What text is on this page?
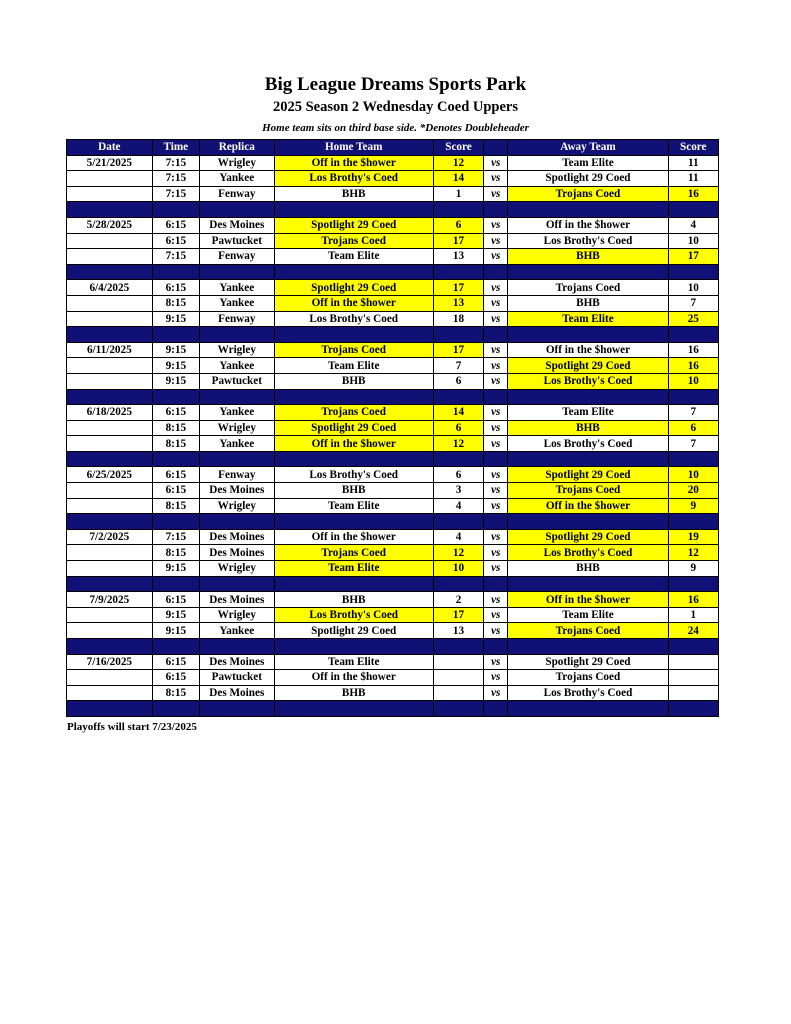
Big League Dreams Sports Park
2025 Season 2 Wednesday Coed Uppers
Home team sits on third base side. *Denotes Doubleheader
Date	Time	Replica	Home Team	Score		Away Team	Score
5/21/2025	7:15	Wrigley	Off in the $hower	12	vs	Team Elite	11
	7:15	Yankee	Los Brothy's Coed	14	vs	Spotlight 29 Coed	11
	7:15	Fenway	BHB	1	vs	Trojans Coed	16

5/28/2025	6:15	Des Moines	Spotlight 29 Coed	6	vs	Off in the $hower	4
	6:15	Pawtucket	Trojans Coed	17	vs	Los Brothy's Coed	10
	7:15	Fenway	Team Elite	13	vs	BHB	17

6/4/2025	6:15	Yankee	Spotlight 29 Coed	17	vs	Trojans Coed	10
	8:15	Yankee	Off in the $hower	13	vs	BHB	7
	9:15	Fenway	Los Brothy's Coed	18	vs	Team Elite	25

6/11/2025	9:15	Wrigley	Trojans Coed	17	vs	Off in the $hower	16
	9:15	Yankee	Team Elite	7	vs	Spotlight 29 Coed	16
	9:15	Pawtucket	BHB	6	vs	Los Brothy's Coed	10

6/18/2025	6:15	Yankee	Trojans Coed	14	vs	Team Elite	7
	8:15	Wrigley	Spotlight 29 Coed	6	vs	BHB	6
	8:15	Yankee	Off in the $hower	12	vs	Los Brothy's Coed	7

6/25/2025	6:15	Fenway	Los Brothy's Coed	6	vs	Spotlight 29 Coed	10
	6:15	Des Moines	BHB	3	vs	Trojans Coed	20
	8:15	Wrigley	Team Elite	4	vs	Off in the $hower	9

7/2/2025	7:15	Des Moines	Off in the $hower	4	vs	Spotlight 29 Coed	19
	8:15	Des Moines	Trojans Coed	12	vs	Los Brothy's Coed	12
	9:15	Wrigley	Team Elite	10	vs	BHB	9

7/9/2025	6:15	Des Moines	BHB	2	vs	Off in the $hower	16
	9:15	Wrigley	Los Brothy's Coed	17	vs	Team Elite	1
	9:15	Yankee	Spotlight 29 Coed	13	vs	Trojans Coed	24

7/16/2025	6:15	Des Moines	Team Elite		vs	Spotlight 29 Coed	
	6:15	Pawtucket	Off in the $hower		vs	Trojans Coed	
	8:15	Des Moines	BHB		vs	Los Brothy's Coed	

Playoffs will start 7/23/2025
